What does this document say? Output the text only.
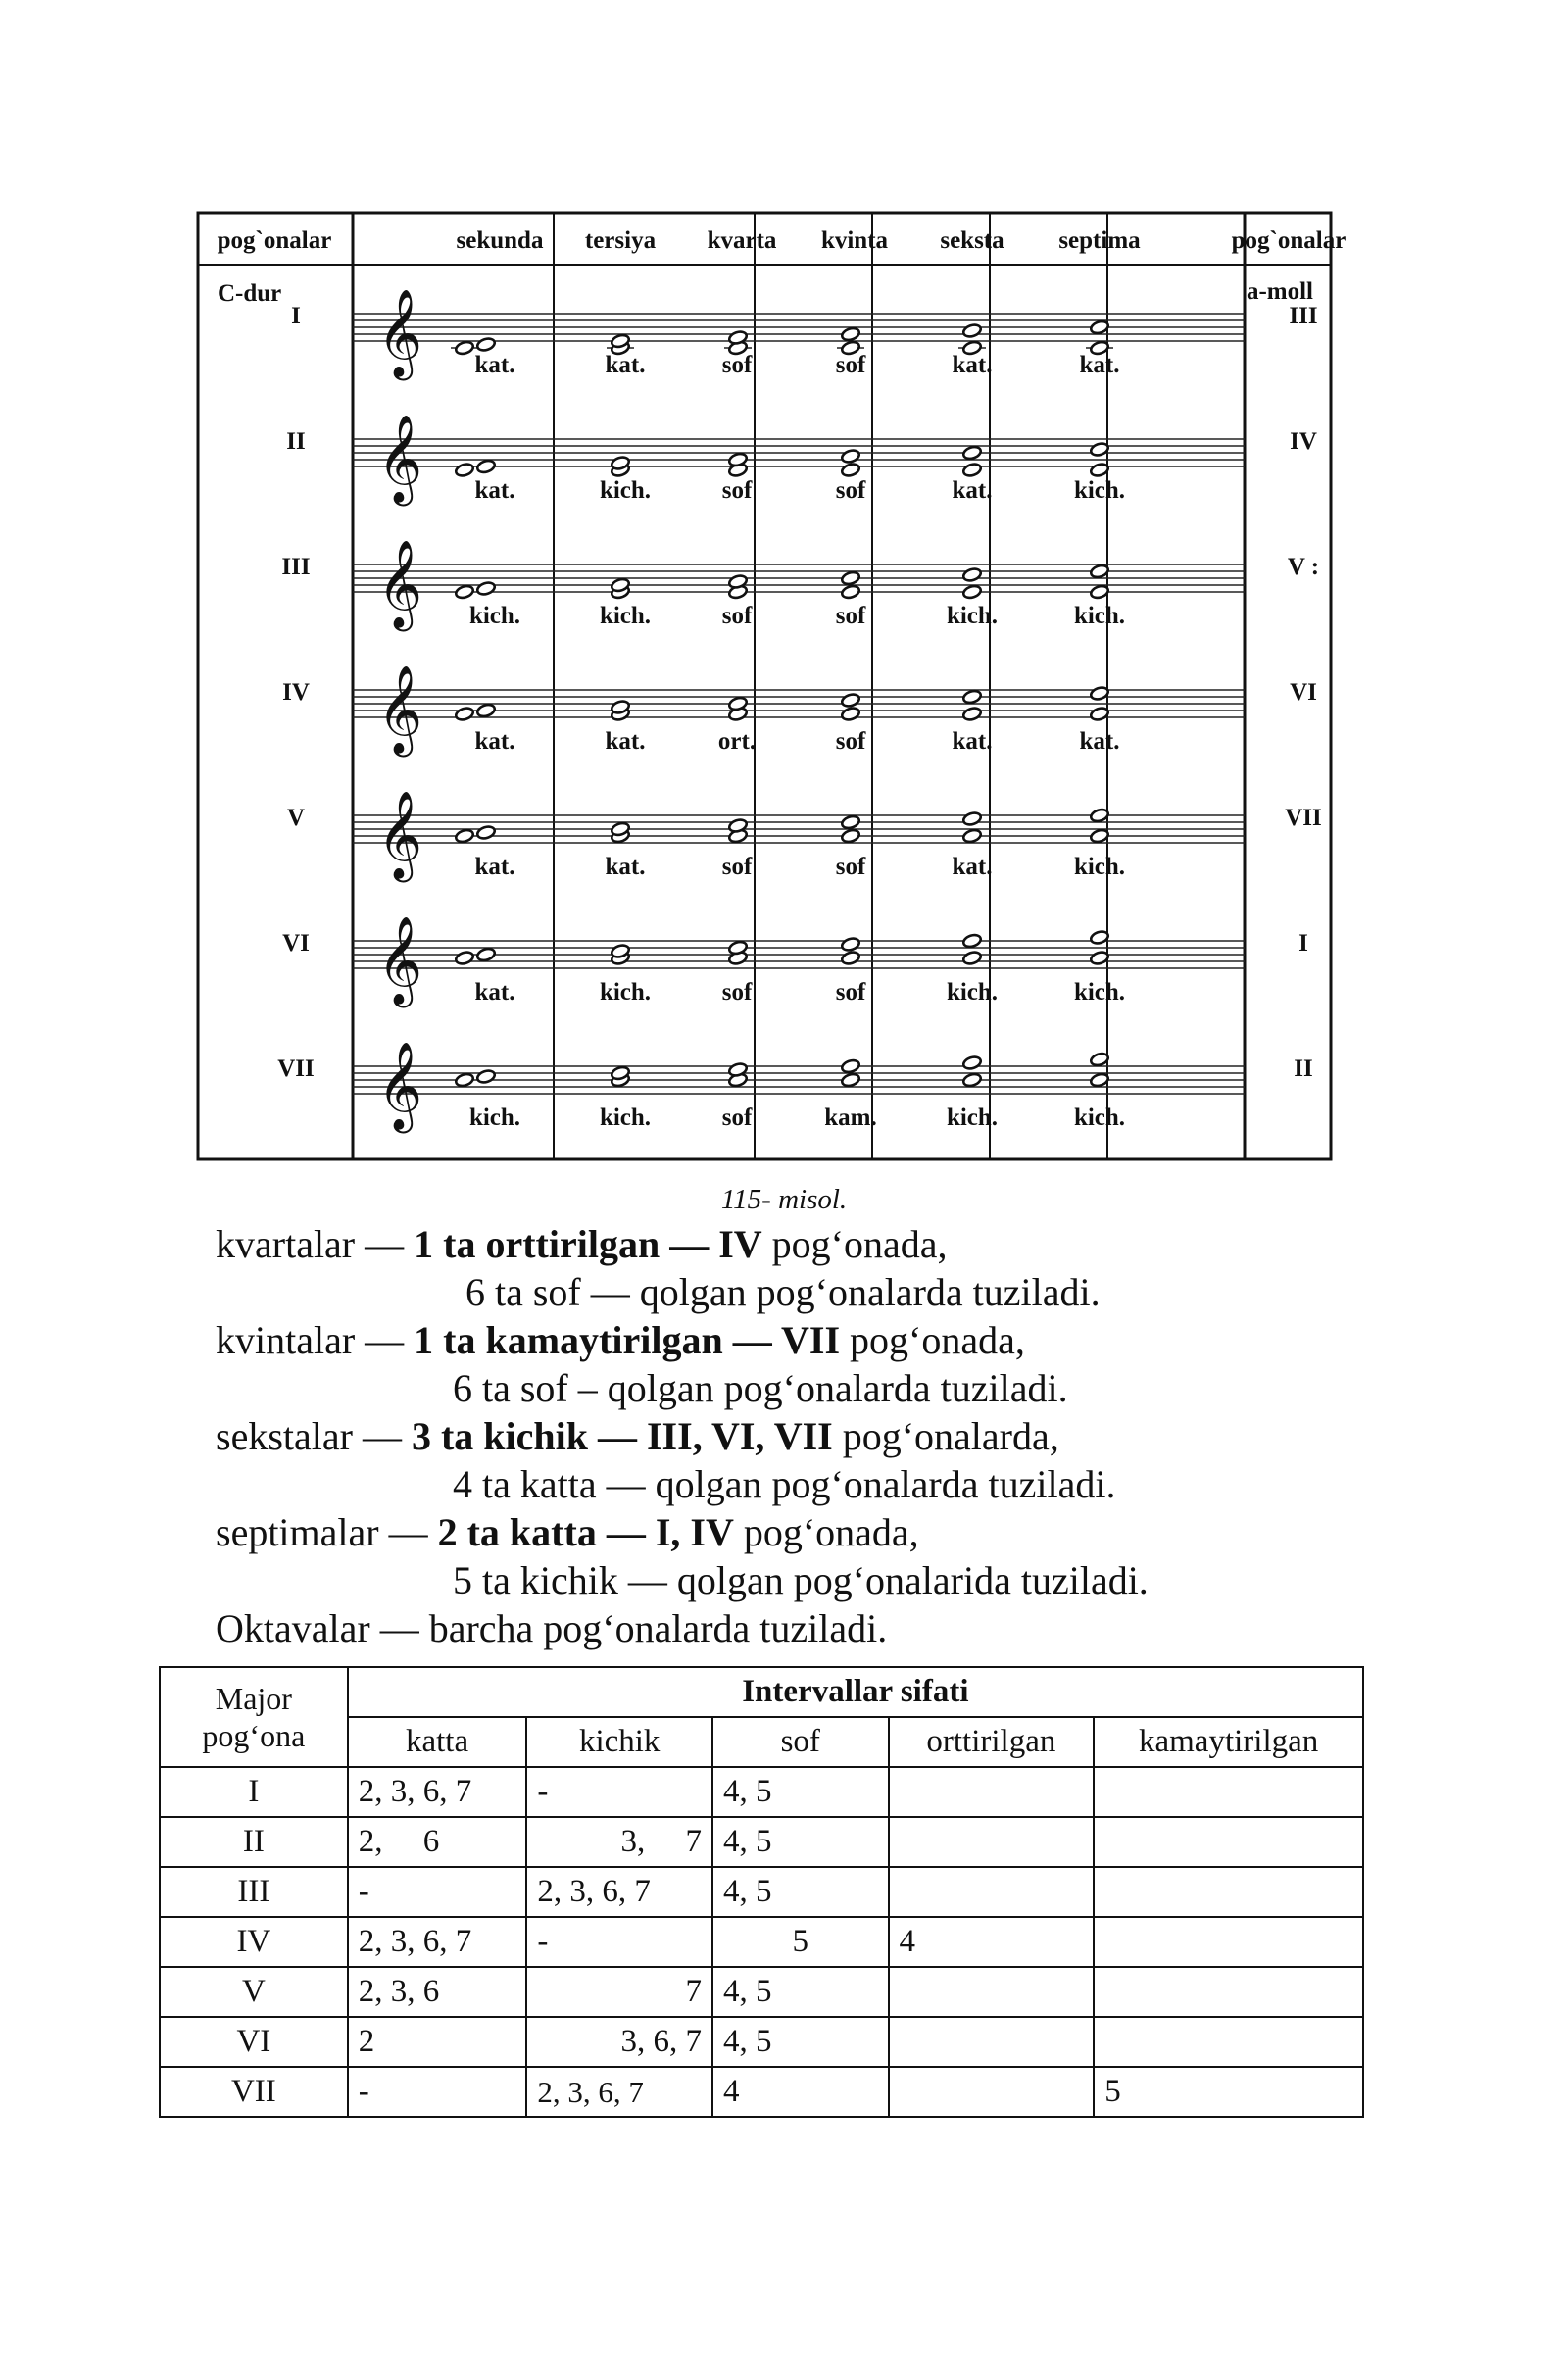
pog`onalar	pog`onalar
sekunda tersiya kvarta kvinta seksta septima
C-dur	a-moll
𝄞
I	III
kat.	kat.	sof	sof	kat.	kat.
𝄞
II	IV
kat.	kich.	sof	sof	kat.	kich.
𝄞
III	V :
kich.	kich.	sof	sof	kich.	kich.
𝄞
IV	VI
kat.	kat.	ort.	sof	kat.	kat.
𝄞
V	VII
kat.	kat.	sof	sof	kat.	kich.
𝄞
VI	I
kat.	kich.	sof	sof	kich.	kich.
𝄞
VII	II
kich.	kich.	sof	kam.	kich.	kich.
115- misol.
kvartalar — 1 ta orttirilgan — IV pog‘onada,
6 ta sof — qolgan pog‘onalarda tuziladi.
kvintalar — 1 ta kamaytirilgan — VII pog‘onada,
6 ta sof – qolgan pog‘onalarda tuziladi.
sekstalar — 3 ta kichik — III, VI, VII pog‘onalarda,
4 ta katta — qolgan pog‘onalarda tuziladi.
septimalar — 2 ta katta — I, IV pog‘onada,
5 ta kichik — qolgan pog‘onalarida tuziladi.
Oktavalar — barcha pog‘onalarda tuziladi.
Major pog‘ona	Intervallar sifati				
	katta	kichik	sof	orttirilgan	kamaytirilgan
I	2, 3, 6, 7	-	4, 5		
II	2,     6	3,     7	4, 5		
III	-	2, 3, 6, 7	4, 5		
IV	2, 3, 6, 7	-	5	4	
V	2, 3, 6	7	4, 5		
VI	2	3, 6, 7	4, 5		
VII	-	2, 3, 6, 7	4		5
